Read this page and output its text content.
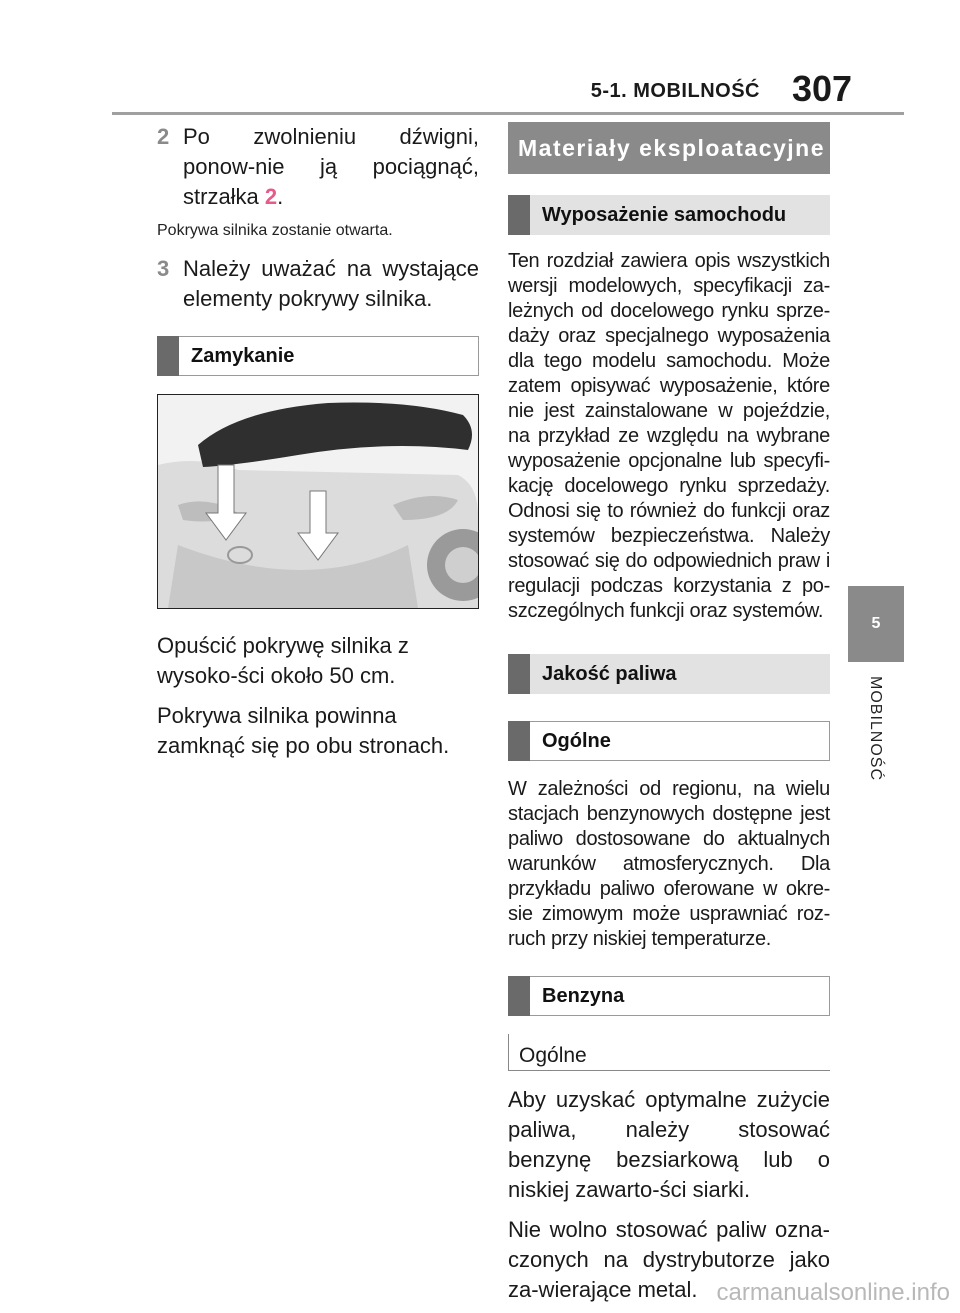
5-1. MOBILNOŚĆ 307
5
MOBILNOŚĆ
2 Po zwolnieniu dźwigni, ponow-nie ją pociągnąć, strzałka 2.
Pokrywa silnika zostanie otwarta.
3 Należy uważać na wystające elementy pokrywy silnika.
Zamykanie

Opuścić pokrywę silnika z wysoko-ści około 50 cm.

Pokrywa silnika powinna zamknąć się po obu stronach.

Materiały eksploatacyjne
Wyposażenie samochodu

Ten rozdział zawiera opis wszystkich wersji modelowych, specyfikacji za-leżnych od docelowego rynku sprze-daży oraz specjalnego wyposażenia dla tego modelu samochodu. Może zatem opisywać wyposażenie, które nie jest zainstalowane w pojeździe, na przykład ze względu na wybrane wyposażenie opcjonalne lub specyfi-kację docelowego rynku sprzedaży. Odnosi się to również do funkcji oraz systemów bezpieczeństwa. Należy stosować się do odpowiednich praw i regulacji podczas korzystania z po-szczególnych funkcji oraz systemów.

Jakość paliwa
Ogólne

W zależności od regionu, na wielu stacjach benzynowych dostępne jest paliwo dostosowane do aktualnych warunków atmosferycznych. Dla przykładu paliwo oferowane w okre-sie zimowym może usprawniać roz-ruch przy niskiej temperaturze.

Benzyna
Ogólne

Aby uzyskać optymalne zużycie paliwa, należy stosować benzynę bezsiarkową lub o niskiej zawarto-ści siarki.

Nie wolno stosować paliw ozna-czonych na dystrybutorze jako za-wierające metal. carmanualsonline.info
